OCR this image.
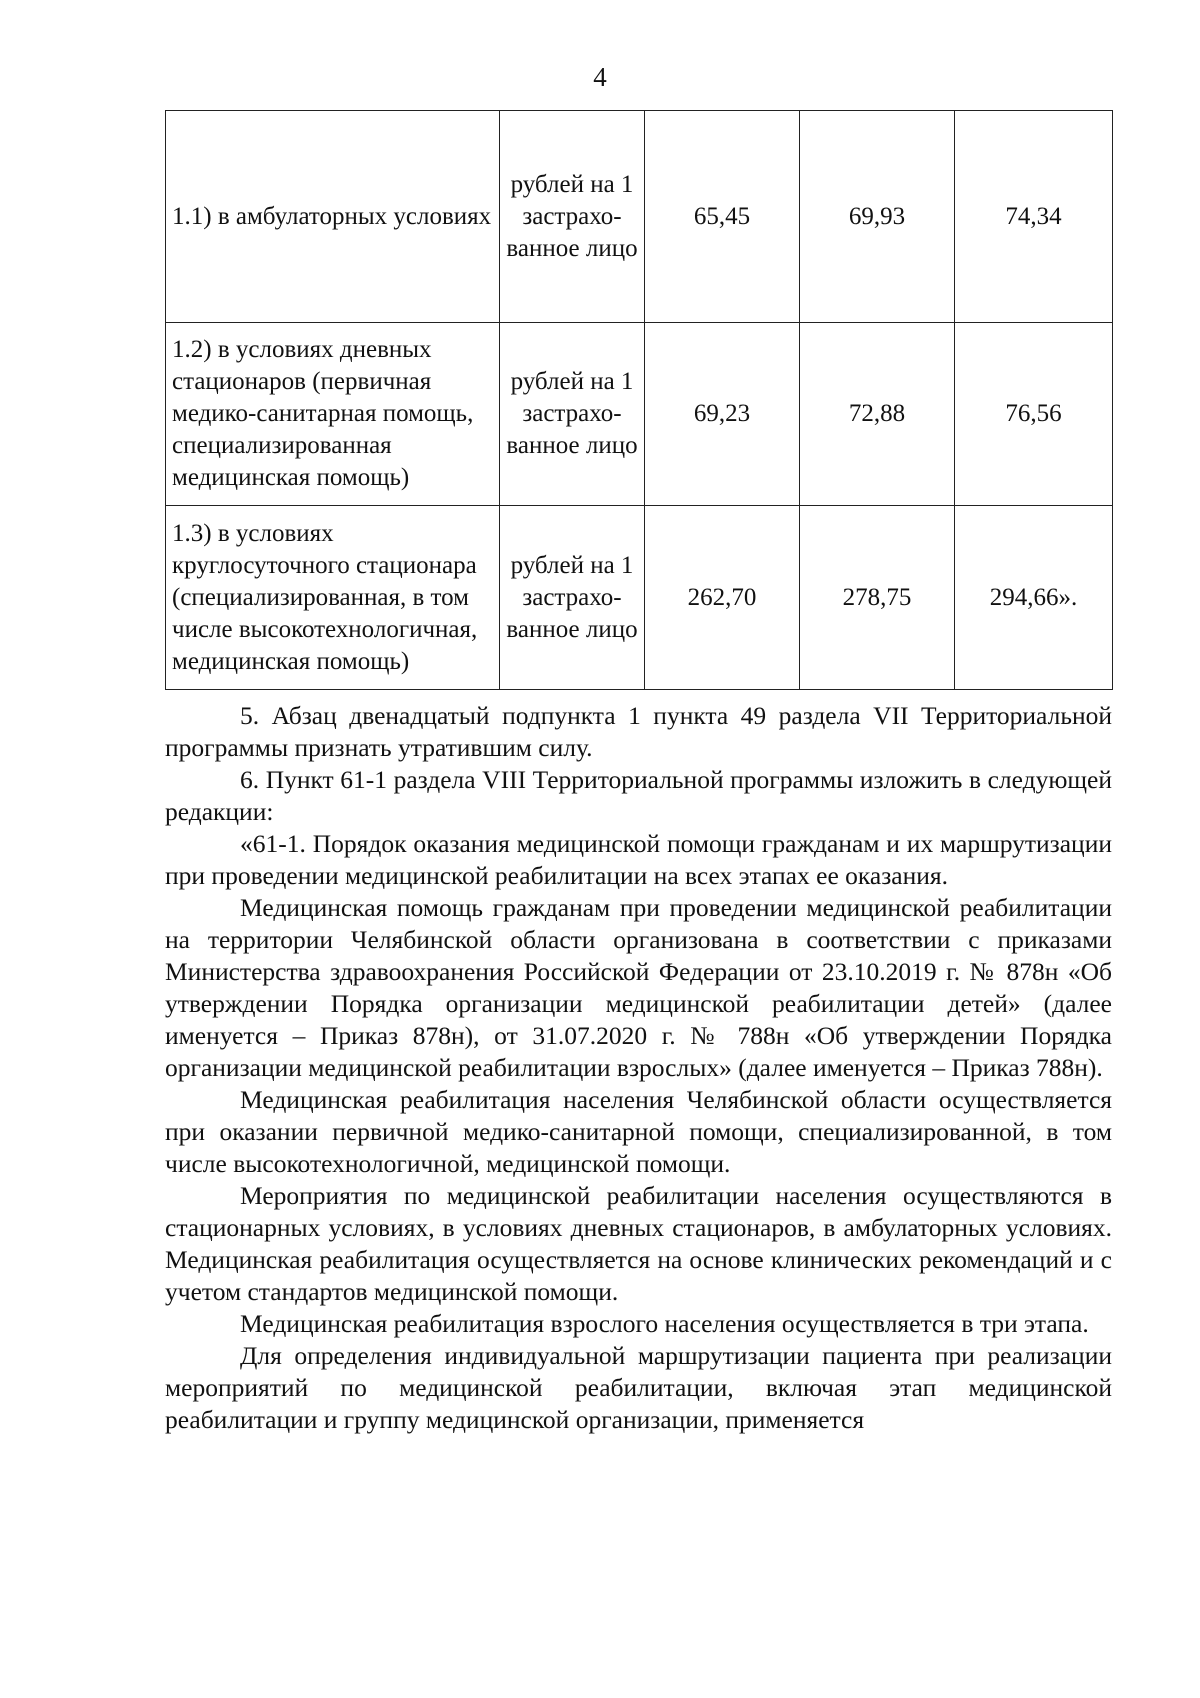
4
1.1) в амбулаторных условиях	рублей на 1 застрахо-ванное лицо	65,45	69,93	74,34
1.2) в условиях дневных стационаров (первичная медико-санитарная помощь, специализированная медицинская помощь)	рублей на 1 застрахо-ванное лицо	69,23	72,88	76,56
1.3) в условиях круглосуточного стационара (специализированная, в том числе высокотехнологичная, медицинская помощь)	рублей на 1 застрахо-ванное лицо	262,70	278,75	294,66».

5. Абзац двенадцатый подпункта 1 пункта 49 раздела VII Территориальной программы признать утратившим силу.

6. Пункт 61-1 раздела VIII Территориальной программы изложить в следующей редакции:

«61-1. Порядок оказания медицинской помощи гражданам и их маршрутизации при проведении медицинской реабилитации на всех этапах ее оказания.

Медицинская помощь гражданам при проведении медицинской реабилитации на территории Челябинской области организована в соответствии с приказами Министерства здравоохранения Российской Федерации от 23.10.2019 г. № 878н «Об утверждении Порядка организации медицинской реабилитации детей» (далее именуется – Приказ 878н), от 31.07.2020 г. № 788н «Об утверждении Порядка организации медицинской реабилитации взрослых» (далее именуется – Приказ 788н).

Медицинская реабилитация населения Челябинской области осуществляется при оказании первичной медико-санитарной помощи, специализированной, в том числе высокотехнологичной, медицинской помощи.

Мероприятия по медицинской реабилитации населения осуществляются в стационарных условиях, в условиях дневных стационаров, в амбулаторных условиях. Медицинская реабилитация осуществляется на основе клинических рекомендаций и с учетом стандартов медицинской помощи.

Медицинская реабилитация взрослого населения осуществляется в три этапа.

Для определения индивидуальной маршрутизации пациента при реализации мероприятий по медицинской реабилитации, включая этап медицинской реабилитации и группу медицинской организации, применяется
